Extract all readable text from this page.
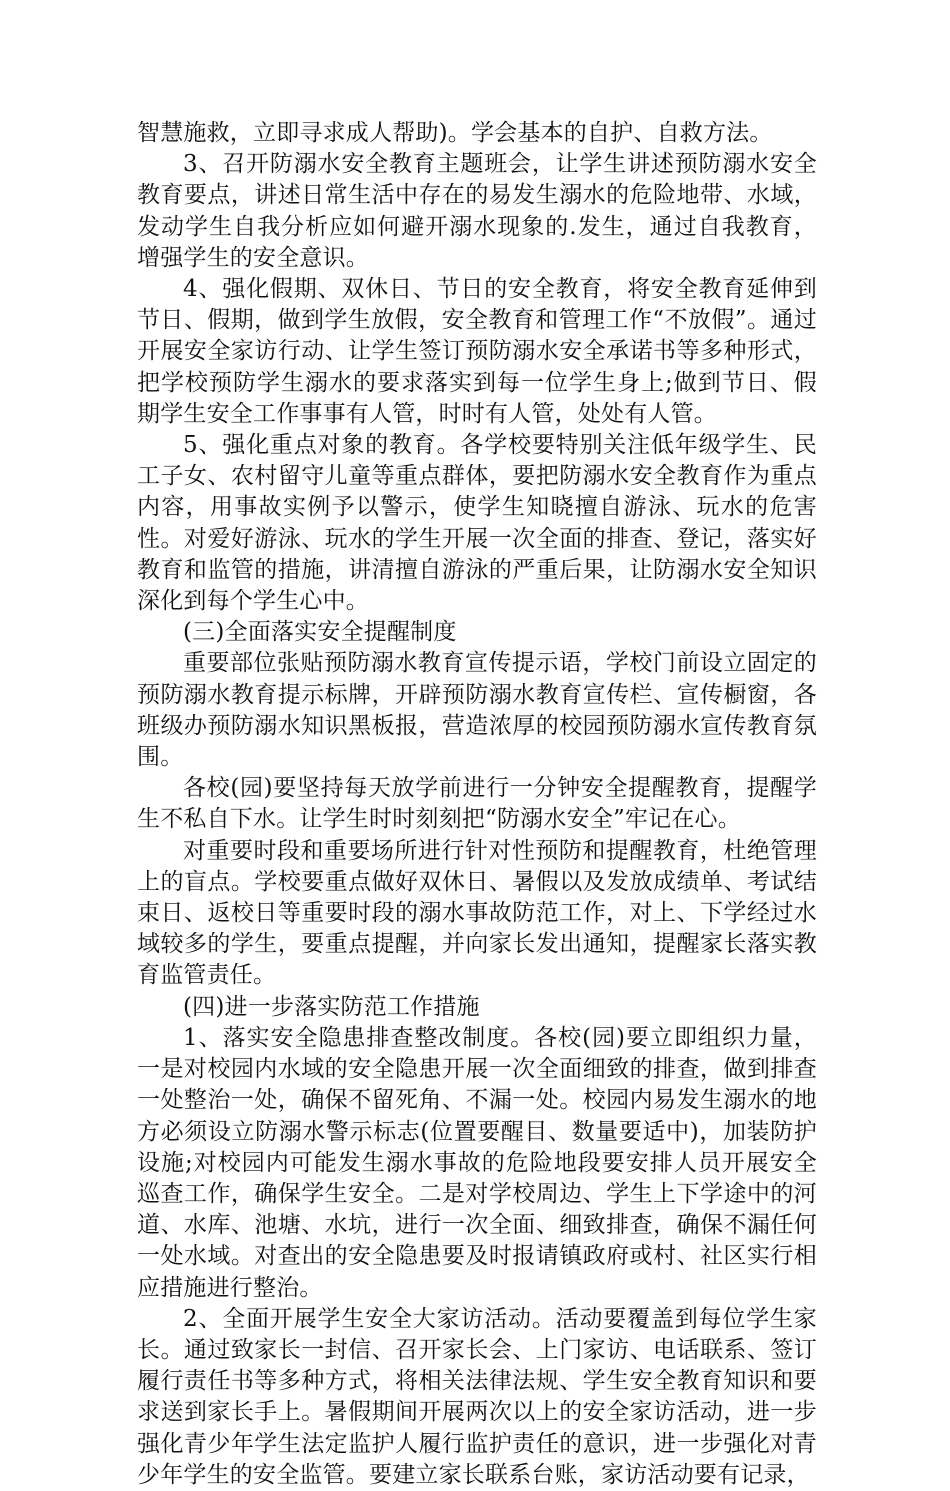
智慧施救，立即寻求成人帮助)。学会基本的自护、自救方法。

3、召开防溺水安全教育主题班会，让学生讲述预防溺水安全教育要点，讲述日常生活中存在的易发生溺水的危险地带、水域，发动学生自我分析应如何避开溺水现象的.发生，通过自我教育，增强学生的安全意识。

4、强化假期、双休日、节日的安全教育，将安全教育延伸到节日、假期，做到学生放假，安全教育和管理工作“不放假”。通过开展安全家访行动、让学生签订预防溺水安全承诺书等多种形式，把学校预防学生溺水的要求落实到每一位学生身上;做到节日、假期学生安全工作事事有人管，时时有人管，处处有人管。

5、强化重点对象的教育。各学校要特别关注低年级学生、民工子女、农村留守儿童等重点群体，要把防溺水安全教育作为重点内容，用事故实例予以警示，使学生知晓擅自游泳、玩水的危害性。对爱好游泳、玩水的学生开展一次全面的排查、登记，落实好教育和监管的措施，讲清擅自游泳的严重后果，让防溺水安全知识深化到每个学生心中。

(三)全面落实安全提醒制度

重要部位张贴预防溺水教育宣传提示语，学校门前设立固定的预防溺水教育提示标牌，开辟预防溺水教育宣传栏、宣传橱窗，各班级办预防溺水知识黑板报，营造浓厚的校园预防溺水宣传教育氛围。

各校(园)要坚持每天放学前进行一分钟安全提醒教育，提醒学生不私自下水。让学生时时刻刻把“防溺水安全”牢记在心。

对重要时段和重要场所进行针对性预防和提醒教育，杜绝管理上的盲点。学校要重点做好双休日、暑假以及发放成绩单、考试结束日、返校日等重要时段的溺水事故防范工作，对上、下学经过水域较多的学生，要重点提醒，并向家长发出通知，提醒家长落实教育监管责任。

(四)进一步落实防范工作措施

1、落实安全隐患排查整改制度。各校(园)要立即组织力量，一是对校园内水域的安全隐患开展一次全面细致的排查，做到排查一处整治一处，确保不留死角、不漏一处。校园内易发生溺水的地方必须设立防溺水警示标志(位置要醒目、数量要适中)，加装防护设施;对校园内可能发生溺水事故的危险地段要安排人员开展安全巡查工作，确保学生安全。二是对学校周边、学生上下学途中的河道、水库、池塘、水坑，进行一次全面、细致排查，确保不漏任何一处水域。对查出的安全隐患要及时报请镇政府或村、社区实行相应措施进行整治。

2、全面开展学生安全大家访活动。活动要覆盖到每位学生家长。通过致家长一封信、召开家长会、上门家访、电话联系、签订履行责任书等多种方式，将相关法律法规、学生安全教育知识和要求送到家长手上。暑假期间开展两次以上的安全家访活动，进一步强化青少年学生法定监护人履行监护责任的意识，进一步强化对青少年学生的安全监管。要建立家长联系台账，家访活动要有记录，
